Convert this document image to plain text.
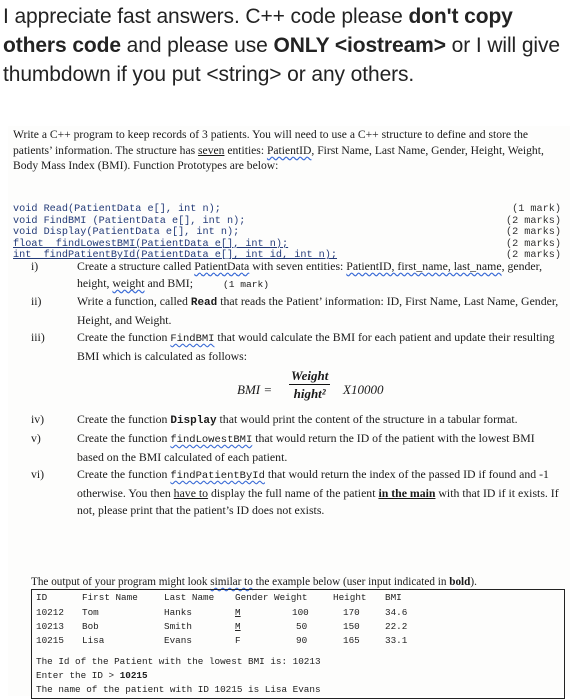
I appreciate fast answers. C++ code please don't copy others code and please use ONLY <iostream> or I will give thumbdown if you put <string> or any others.
Write a C++ program to keep records of 3 patients. You will need to use a C++ structure to define and store the patients’ information. The structure has seven entities: PatientID, First Name, Last Name, Gender, Height, Weight, Body Mass Index (BMI). Function Prototypes are below:
void Read(PatientData e[], int n);	(1 mark)
void FindBMI (PatientData e[], int n);	(2 marks)
void Display(PatientData e[], int n);	(2 marks)
float  findLowestBMI(PatientData e[], int n);	(2 marks)
int  findPatientById(PatientData e[], int id, int n);	(2 marks)
i)	Create a structure called PatientData with seven entities: PatientID, first_name, last_name, gender, height, weight and BMI;	(1 mark)
ii)	Write a function, called Read that reads the Patient’ information: ID, First Name, Last Name, Gender, Height, and Weight.
iii)	Create the function FindBMI that would calculate the BMI for each patient and update their resulting BMI which is calculated as follows:
BMI =
Weight
hight²	X10000
iv)	Create the function Display that would print the content of the structure in a tabular format.
v)	Create the function findLowestBMI that would return the ID of the patient with the lowest BMI based on the BMI calculated of each patient.
vi)	Create the function findPatientById that would return the index of the passed ID if found and -1 otherwise. You then have to display the full name of the patient in the main with that ID if it exists. If not, please print that the patient’s ID does not exists.
The output of your program might look similar to the example below (user input indicated in bold).
ID	First Name	Last Name Gender Weight	Height BMI
10212 Tom	Hanks	M	100	170	34.6
10213 Bob	Smith	M	50	150	22.2
10215 Lisa	Evans	F	90	165	33.1
The Id of the Patient with the lowest BMI is: 10213
Enter the ID > 10215
The name of the patient with ID 10215 is Lisa Evans
